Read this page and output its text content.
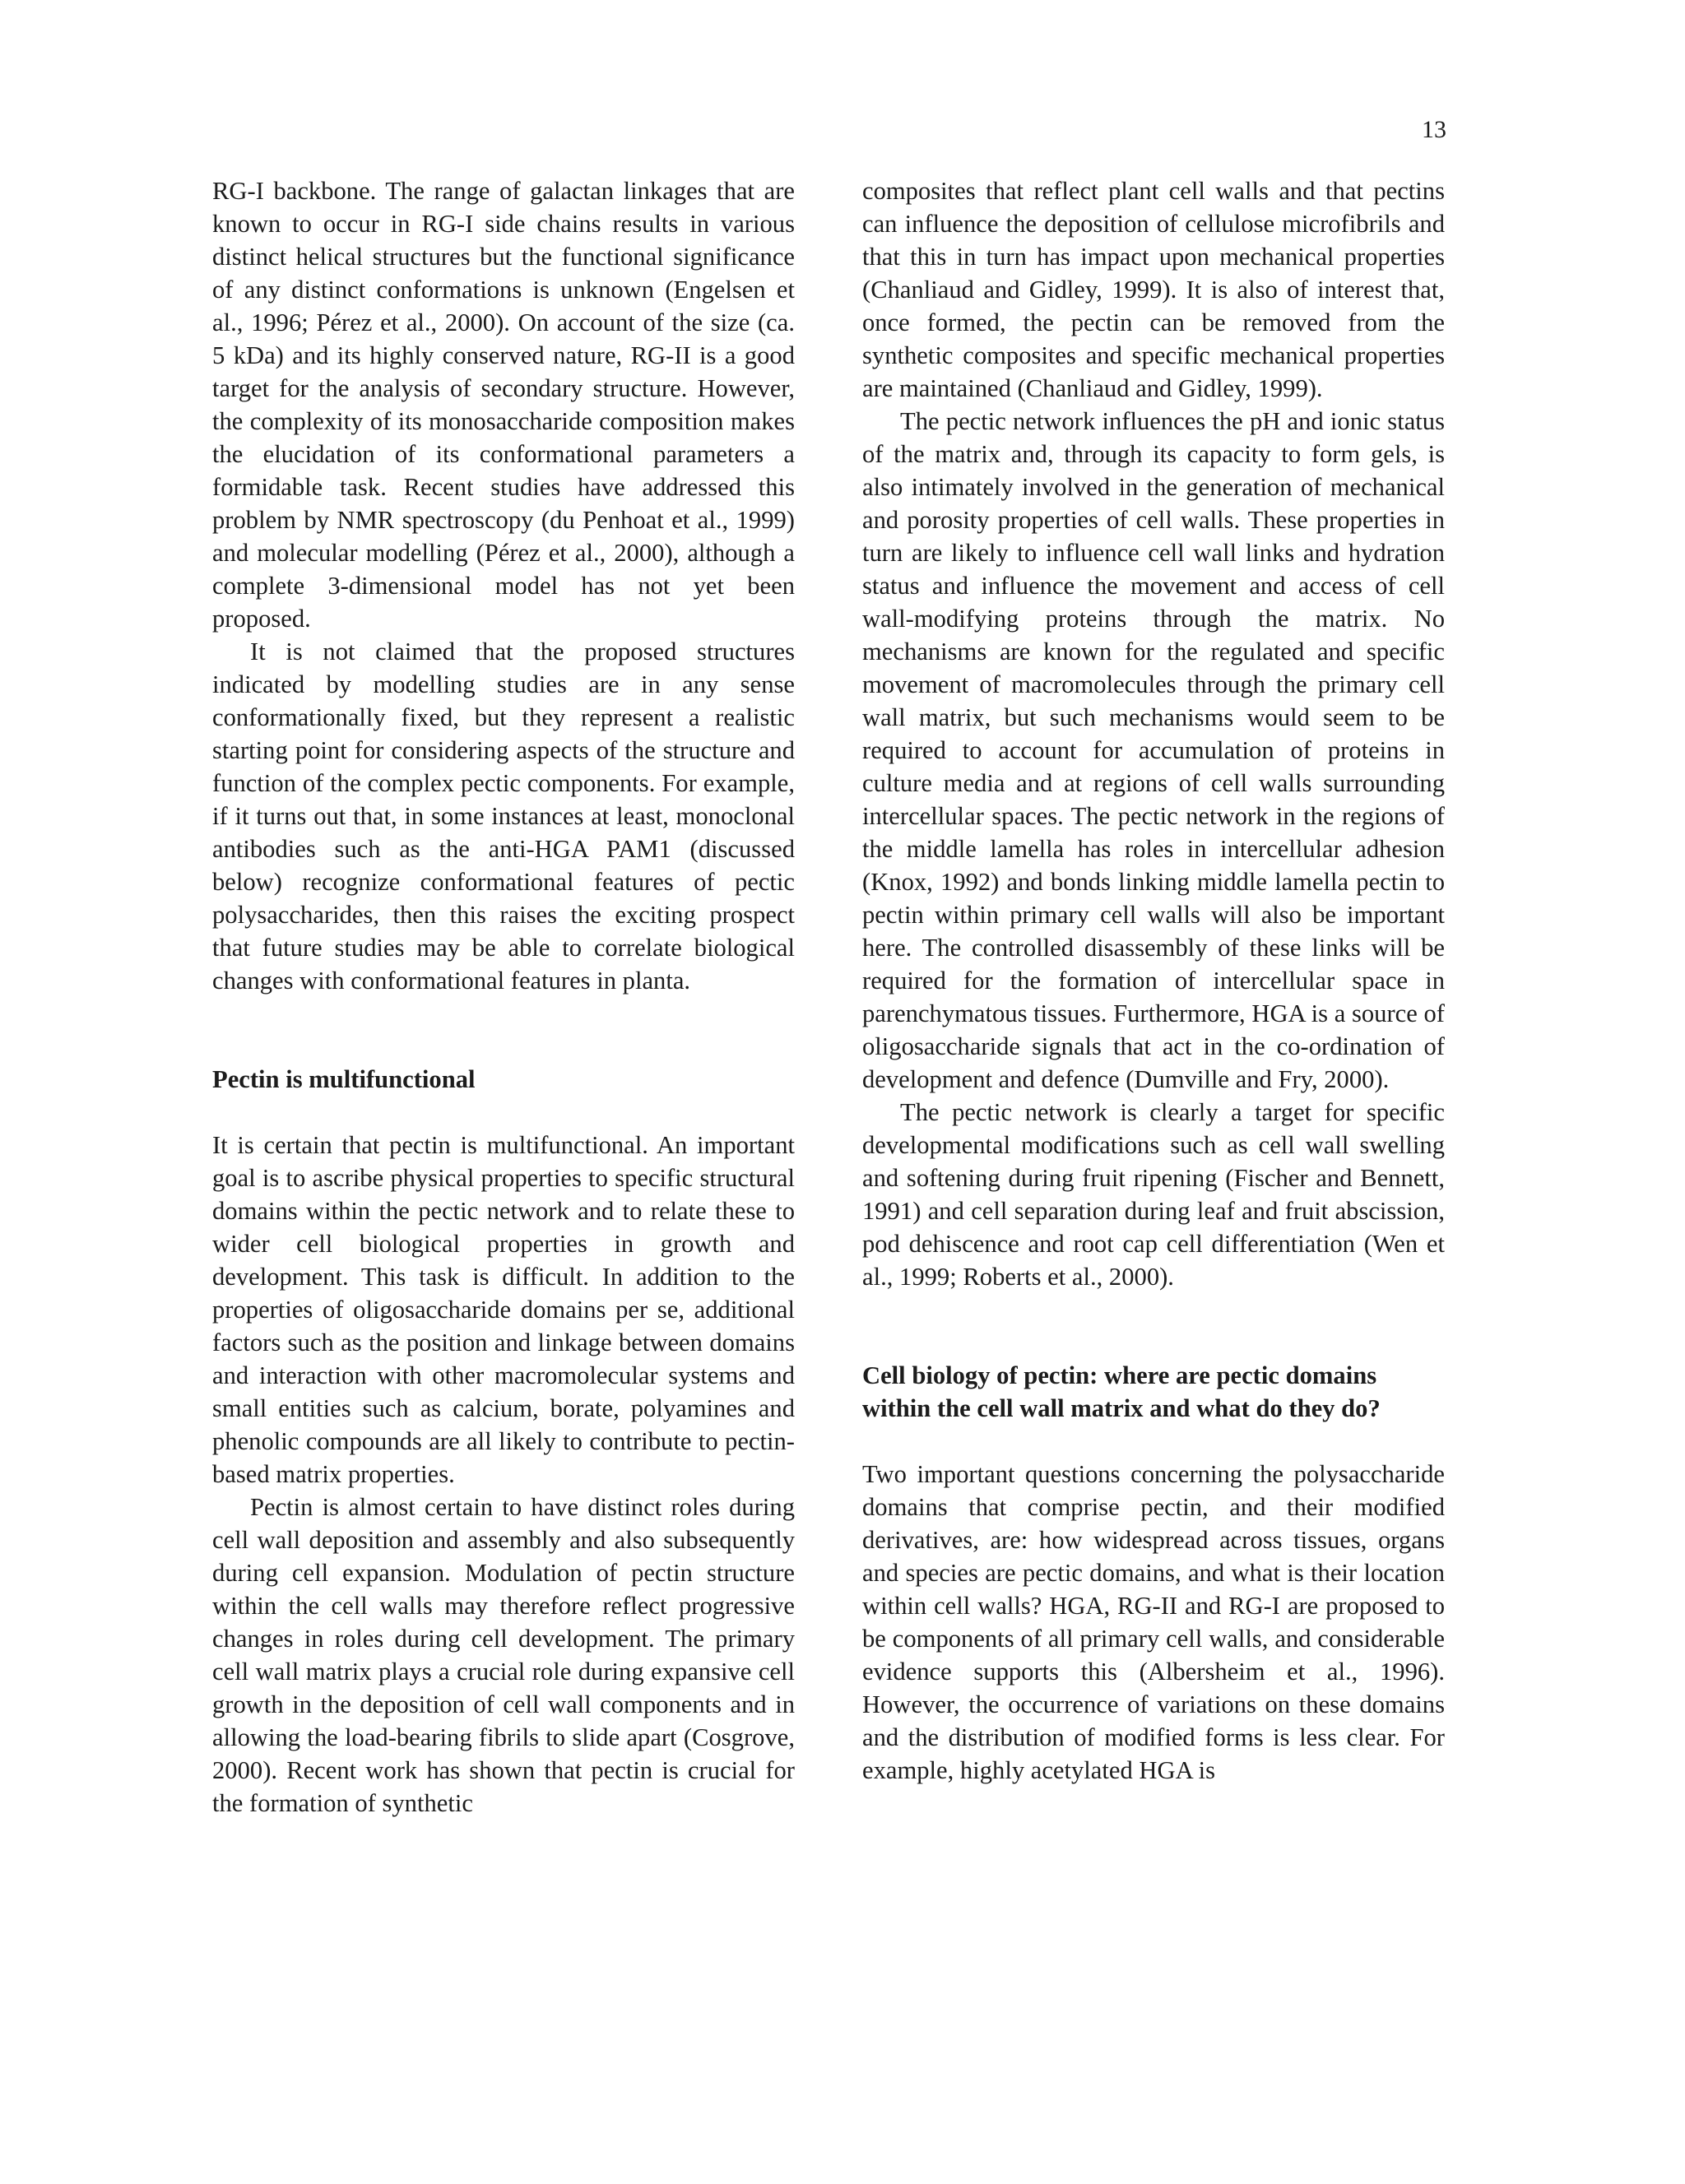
13

RG-I backbone. The range of galactan linkages that are known to occur in RG-I side chains results in various distinct helical structures but the functional significance of any distinct conformations is unknown (Engelsen et al., 1996; Pérez et al., 2000). On account of the size (ca. 5 kDa) and its highly conserved nature, RG-II is a good target for the analysis of secondary structure. However, the complexity of its monosaccharide composition makes the elucidation of its conformational parameters a formidable task. Recent studies have addressed this problem by NMR spectroscopy (du Penhoat et al., 1999) and molecular modelling (Pérez et al., 2000), although a complete 3-dimensional model has not yet been proposed.

It is not claimed that the proposed structures indicated by modelling studies are in any sense conformationally fixed, but they represent a realistic starting point for considering aspects of the structure and function of the complex pectic components. For example, if it turns out that, in some instances at least, monoclonal antibodies such as the anti-HGA PAM1 (discussed below) recognize conformational features of pectic polysaccharides, then this raises the exciting prospect that future studies may be able to correlate biological changes with conformational features in planta.

Pectin is multifunctional

It is certain that pectin is multifunctional. An important goal is to ascribe physical properties to specific structural domains within the pectic network and to relate these to wider cell biological properties in growth and development. This task is difficult. In addition to the properties of oligosaccharide domains per se, additional factors such as the position and linkage between domains and interaction with other macromolecular systems and small entities such as calcium, borate, polyamines and phenolic compounds are all likely to contribute to pectin-based matrix properties.

Pectin is almost certain to have distinct roles during cell wall deposition and assembly and also subsequently during cell expansion. Modulation of pectin structure within the cell walls may therefore reflect progressive changes in roles during cell development. The primary cell wall matrix plays a crucial role during expansive cell growth in the deposition of cell wall components and in allowing the load-bearing fibrils to slide apart (Cosgrove, 2000). Recent work has shown that pectin is crucial for the formation of synthetic

composites that reflect plant cell walls and that pectins can influence the deposition of cellulose microfibrils and that this in turn has impact upon mechanical properties (Chanliaud and Gidley, 1999). It is also of interest that, once formed, the pectin can be removed from the synthetic composites and specific mechanical properties are maintained (Chanliaud and Gidley, 1999).

The pectic network influences the pH and ionic status of the matrix and, through its capacity to form gels, is also intimately involved in the generation of mechanical and porosity properties of cell walls. These properties in turn are likely to influence cell wall links and hydration status and influence the movement and access of cell wall-modifying proteins through the matrix. No mechanisms are known for the regulated and specific movement of macromolecules through the primary cell wall matrix, but such mechanisms would seem to be required to account for accumulation of proteins in culture media and at regions of cell walls surrounding intercellular spaces. The pectic network in the regions of the middle lamella has roles in intercellular adhesion (Knox, 1992) and bonds linking middle lamella pectin to pectin within primary cell walls will also be important here. The controlled disassembly of these links will be required for the formation of intercellular space in parenchymatous tissues. Furthermore, HGA is a source of oligosaccharide signals that act in the co-ordination of development and defence (Dumville and Fry, 2000).

The pectic network is clearly a target for specific developmental modifications such as cell wall swelling and softening during fruit ripening (Fischer and Bennett, 1991) and cell separation during leaf and fruit abscission, pod dehiscence and root cap cell differentiation (Wen et al., 1999; Roberts et al., 2000).

Cell biology of pectin: where are pectic domains within the cell wall matrix and what do they do?

Two important questions concerning the polysaccharide domains that comprise pectin, and their modified derivatives, are: how widespread across tissues, organs and species are pectic domains, and what is their location within cell walls? HGA, RG-II and RG-I are proposed to be components of all primary cell walls, and considerable evidence supports this (Albersheim et al., 1996). However, the occurrence of variations on these domains and the distribution of modified forms is less clear. For example, highly acetylated HGA is
